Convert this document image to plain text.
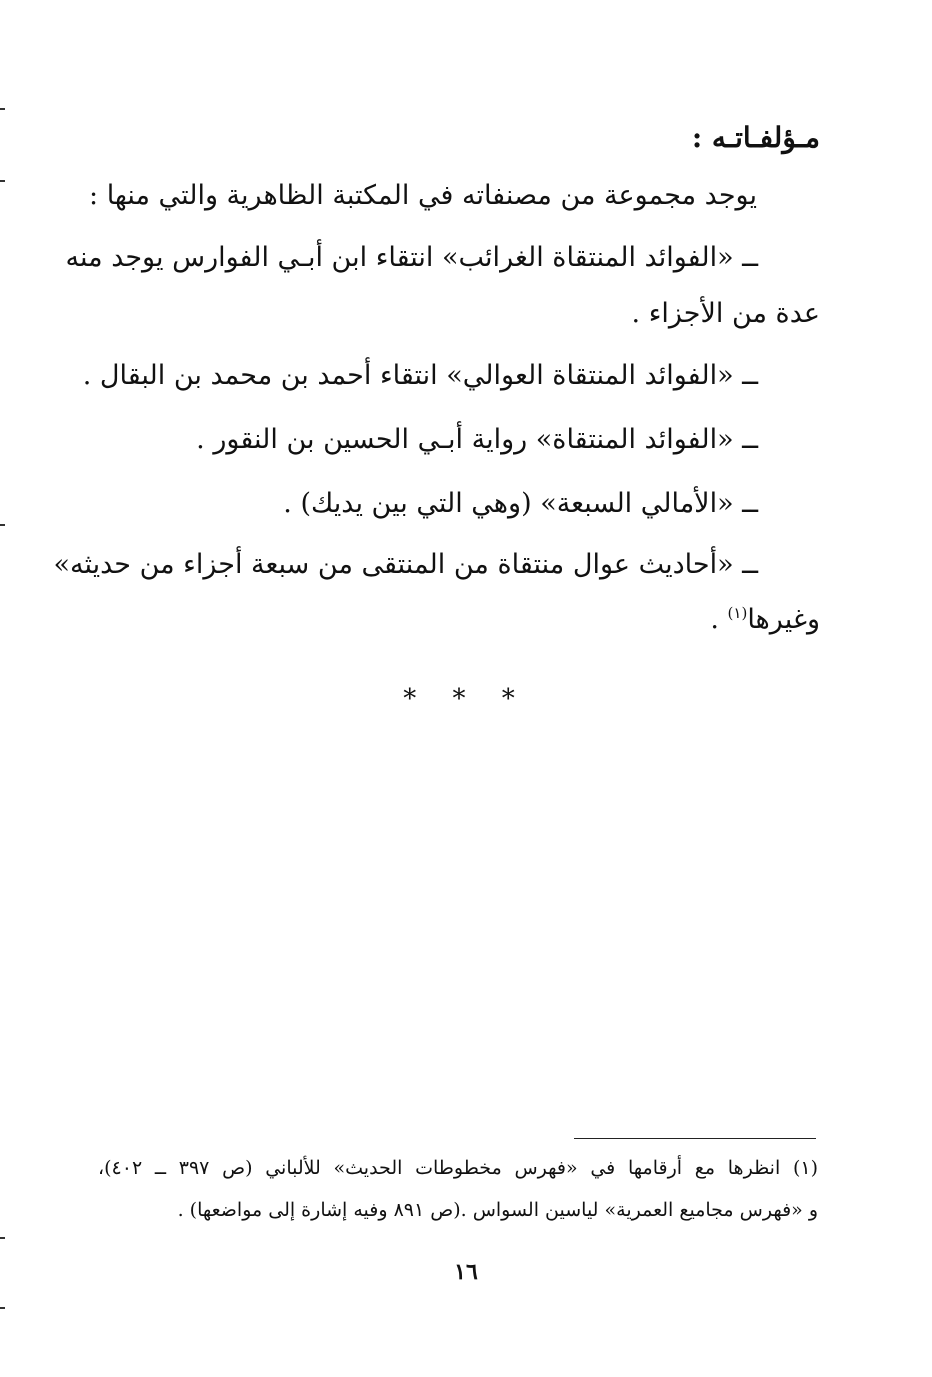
مـؤلفـاتـه :
يوجد مجموعة من مصنفاته في المكتبة الظاهرية والتي منها :
ــ «الفوائد المنتقاة الغرائب» انتقاء ابن أبـي الفوارس يوجد منه
عدة من الأجزاء .
ــ «الفوائد المنتقاة العوالي» انتقاء أحمد بن محمد بن البقال .
ــ «الفوائد المنتقاة» رواية أبـي الحسين بن النقور .
ــ «الأمالي السبعة» (وهي التي بين يديك) .
ــ «أحاديث عوال منتقاة من المنتقى من سبعة أجزاء من حديثه»
وغيرها$^{(١)}$ .
* * *
(١) انظرها مع أرقامها في «فهرس مخطوطات الحديث» للألباني (ص ٣٩٧ ــ ٤٠٢)،
و «فهرس مجاميع العمرية» لياسين السواس .(ص ٨٩١ وفيه إشارة إلى مواضعها) .
١٦
